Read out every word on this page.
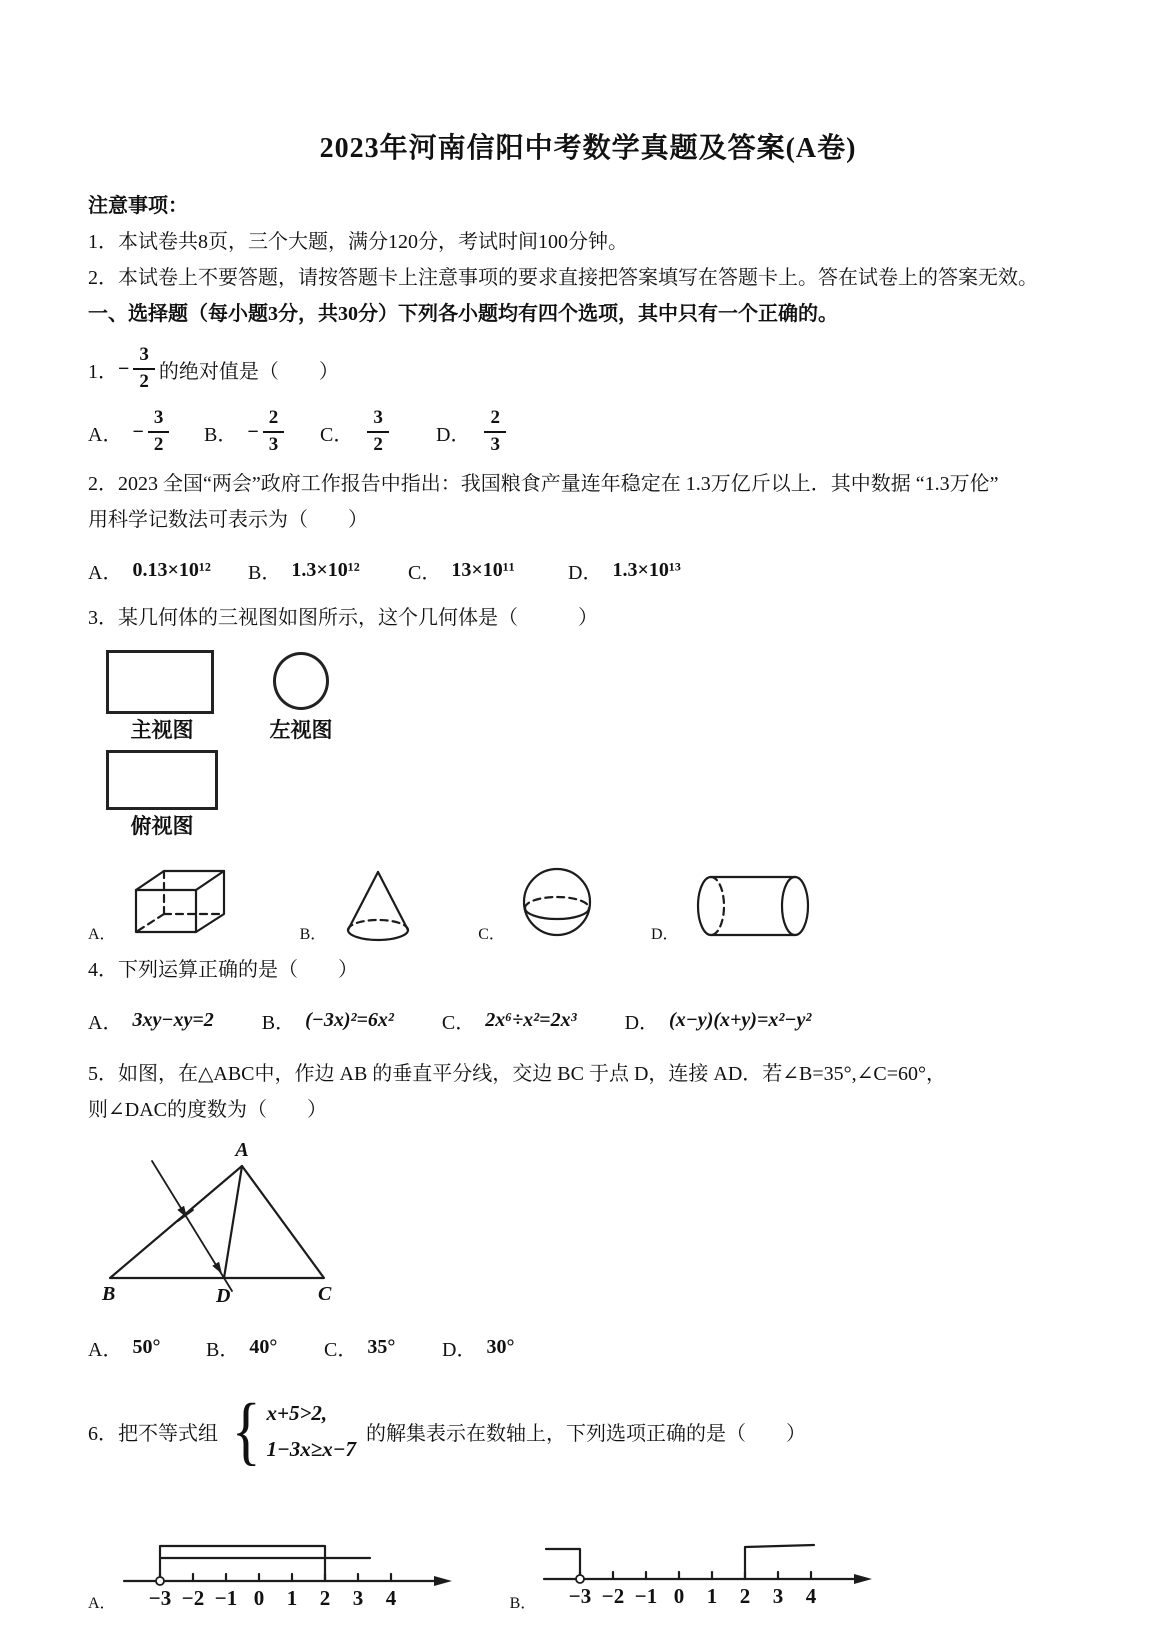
2023年河南信阳中考数学真题及答案(A卷)
注意事项：
1．本试卷共8页，三个大题，满分120分，考试时间100分钟。
2．本试卷上不要答题，请按答题卡上注意事项的要求直接把答案填写在答题卡上。答在试卷上的答案无效。
一、选择题（每小题3分，共30分）下列各小题均有四个选项，其中只有一个正确的。
1． − $\frac{3}{2}$ 的绝对值是（　　）
A． − $\frac{3}{2}$ B． − $\frac{2}{3}$ C． $\frac{3}{2}$ D． $\frac{2}{3}$
2．2023 全国“两会”政府工作报告中指出：我国粮食产量连年稳定在 1.3万亿斤以上．其中数据 “1.3万伦”
用科学记数法可表示为（　　）
A． 0.13×10¹² B． 1.3×10¹² C． 13×10¹¹	D． 1.3×10¹³
3．某几何体的三视图如图所示，这个几何体是（　　　）
主视图
俯视图
左视图
A．	B．	C．	D．
4．下列运算正确的是（　　）
A． 3xy−xy=2 B． (−3x)²=6x² C． 2x⁶÷x²=2x³ D． (x−y)(x+y)=x²−y²
5．如图，在△ABC中，作边 AB 的垂直平分线，交边 BC 于点 D，连接 AD．若∠B=35°,∠C=60°，
则∠DAC的度数为（　　）
A
B	D	C
A． 50° B． 40° C． 35° D． 30°
6．把不等式组 { x+5>2,
1−3x≥x−7
的解集表示在数轴上，下列选项正确的是（　　）
A． −3 −2 −1 0 1 2 3 4	B． −3 −2 −1 0 1 2 3 4
